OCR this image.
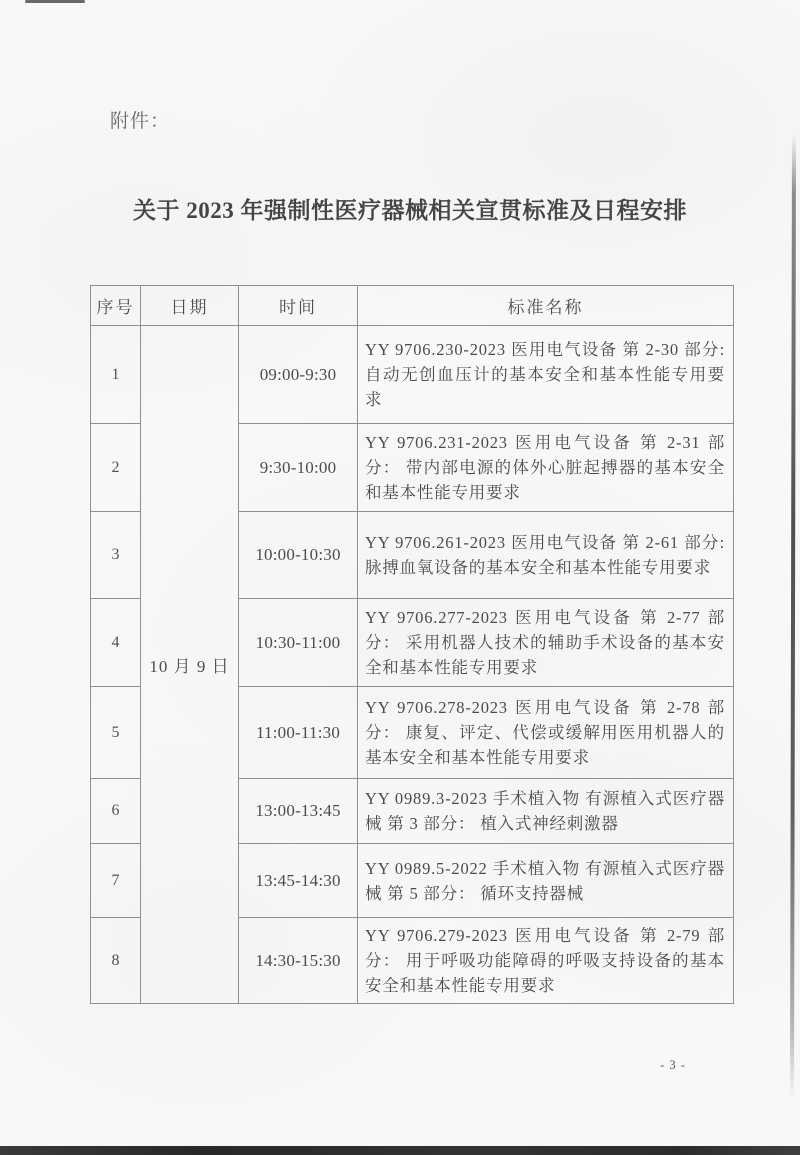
附件：
关于 2023 年强制性医疗器械相关宣贯标准及日程安排
序号	日期	时间	标准名称
1	10 月 9 日	09:00-9:30	YY 9706.230-2023 医用电气设备 第 2-30 部分:自动无创血压计的基本安全和基本性能专用要求
2		9:30-10:00	YY 9706.231-2023 医用电气设备 第 2-31 部分： 带内部电源的体外心脏起搏器的基本安全和基本性能专用要求
3		10:00-10:30	YY 9706.261-2023 医用电气设备 第 2-61 部分:脉搏血氧设备的基本安全和基本性能专用要求
4		10:30-11:00	YY 9706.277-2023 医用电气设备 第 2-77 部分： 采用机器人技术的辅助手术设备的基本安全和基本性能专用要求
5		11:00-11:30	YY 9706.278-2023 医用电气设备 第 2-78 部分： 康复、评定、代偿或缓解用医用机器人的基本安全和基本性能专用要求
6		13:00-13:45	YY 0989.3-2023 手术植入物 有源植入式医疗器械 第 3 部分： 植入式神经刺激器
7		13:45-14:30	YY 0989.5-2022 手术植入物 有源植入式医疗器械 第 5 部分： 循环支持器械
8		14:30-15:30	YY 9706.279-2023 医用电气设备 第 2-79 部分： 用于呼吸功能障碍的呼吸支持设备的基本安全和基本性能专用要求
- 3 -
